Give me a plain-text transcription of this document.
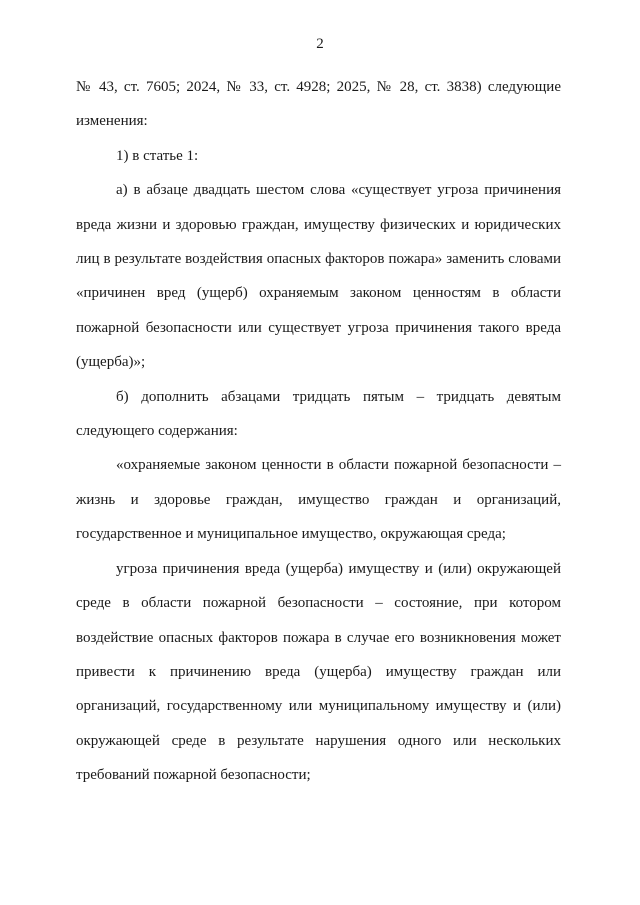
2

№ 43, ст. 7605; 2024, № 33, ст. 4928; 2025, № 28, ст. 3838) следующие изменения:

1) в статье 1:

а) в абзаце двадцать шестом слова «существует угроза причинения вреда жизни и здоровью граждан, имуществу физических и юридических лиц в результате воздействия опасных факторов пожара» заменить словами «причинен вред (ущерб) охраняемым законом ценностям в области пожарной безопасности или существует угроза причинения такого вреда (ущерба)»;

б) дополнить абзацами тридцать пятым – тридцать девятым следующего содержания:

«охраняемые законом ценности в области пожарной безопасности – жизнь и здоровье граждан, имущество граждан и организаций, государственное и муниципальное имущество, окружающая среда;

угроза причинения вреда (ущерба) имуществу и (или) окружающей среде в области пожарной безопасности – состояние, при котором воздействие опасных факторов пожара в случае его возникновения может привести к причинению вреда (ущерба) имуществу граждан или организаций, государственному или муниципальному имуществу и (или) окружающей среде в результате нарушения одного или нескольких требований пожарной безопасности;
